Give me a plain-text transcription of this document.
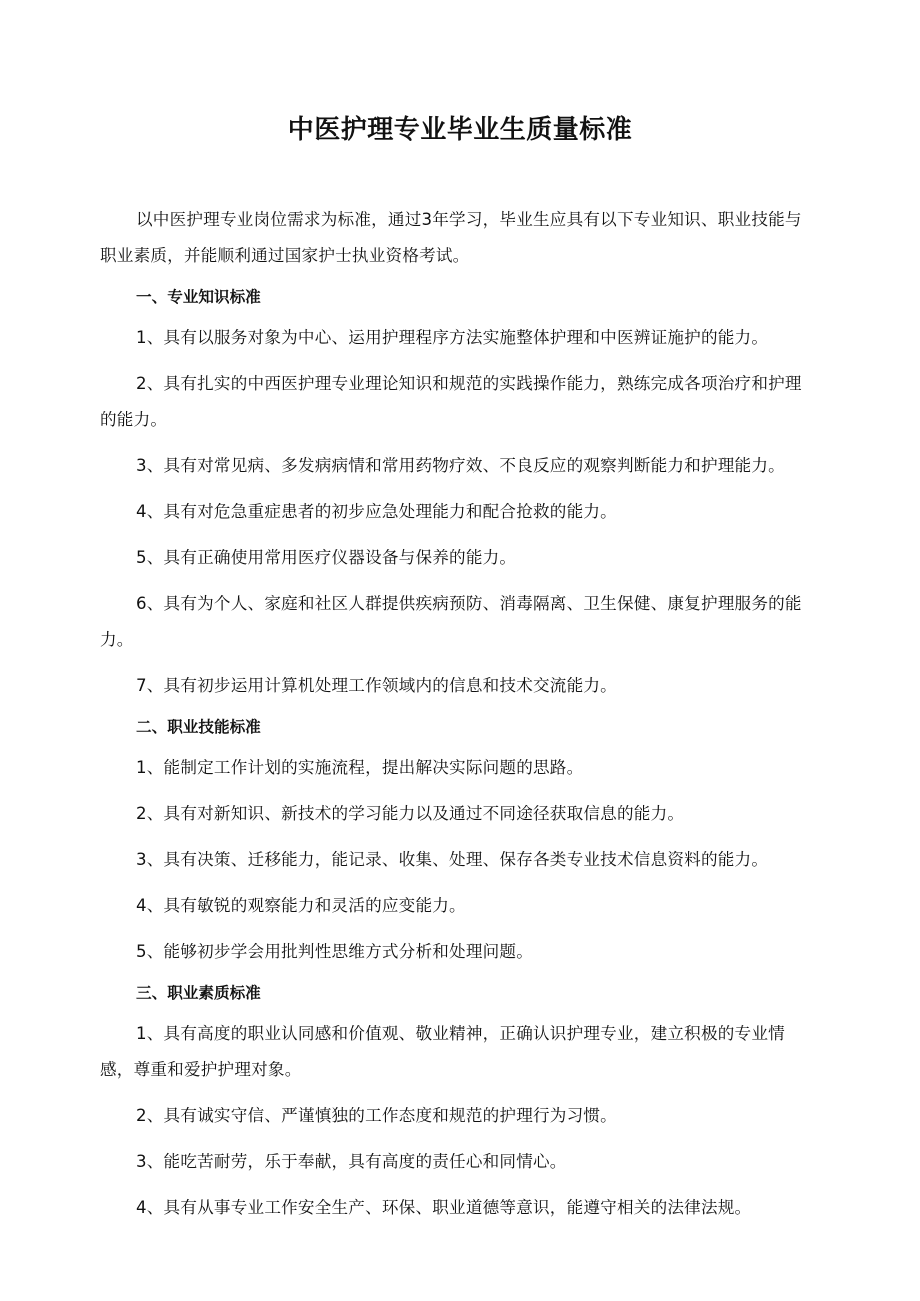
中医护理专业毕业生质量标准

以中医护理专业岗位需求为标准，通过3年学习，毕业生应具有以下专业知识、职业技能与职业素质，并能顺利通过国家护士执业资格考试。

一、专业知识标准

1、具有以服务对象为中心、运用护理程序方法实施整体护理和中医辨证施护的能力。

2、具有扎实的中西医护理专业理论知识和规范的实践操作能力，熟练完成各项治疗和护理的能力。

3、具有对常见病、多发病病情和常用药物疗效、不良反应的观察判断能力和护理能力。

4、具有对危急重症患者的初步应急处理能力和配合抢救的能力。

5、具有正确使用常用医疗仪器设备与保养的能力。

6、具有为个人、家庭和社区人群提供疾病预防、消毒隔离、卫生保健、康复护理服务的能力。

7、具有初步运用计算机处理工作领域内的信息和技术交流能力。

二、职业技能标准

1、能制定工作计划的实施流程，提出解决实际问题的思路。

2、具有对新知识、新技术的学习能力以及通过不同途径获取信息的能力。

3、具有决策、迁移能力，能记录、收集、处理、保存各类专业技术信息资料的能力。

4、具有敏锐的观察能力和灵活的应变能力。

5、能够初步学会用批判性思维方式分析和处理问题。

三、职业素质标准

1、具有高度的职业认同感和价值观、敬业精神，正确认识护理专业，建立积极的专业情感，尊重和爱护护理对象。

2、具有诚实守信、严谨慎独的工作态度和规范的护理行为习惯。

3、能吃苦耐劳，乐于奉献，具有高度的责任心和同情心。

4、具有从事专业工作安全生产、环保、职业道德等意识，能遵守相关的法律法规。
